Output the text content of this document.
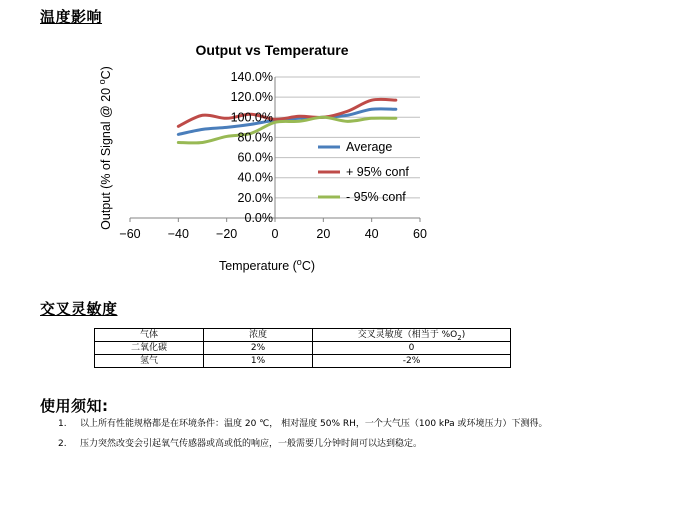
温度影响
Output vs Temperature
0.0%
20.0%
40.0%
60.0%
80.0%
100.0%
120.0%
140.0%
−60 −40 −20	0	20	40	60
Average
+ 95% conf
- 95% conf
Temperature ($^o$C)
Output (% of Signal @ 20 $^o$C)
交叉灵敏度
气体	浓度	交叉灵敏度（相当于 $\%O_2$)
二氧化碳	2%	0
氢气	1%	-2%
使用须知:
1. 以上所有性能规格都是在环境条件：温度 20 ℃， 相对湿度 50% RH，一个大气压（100 kPa 或环境压力）下测得。
2. 压力突然改变会引起氧气传感器或高或低的响应，一般需要几分钟时间可以达到稳定。
